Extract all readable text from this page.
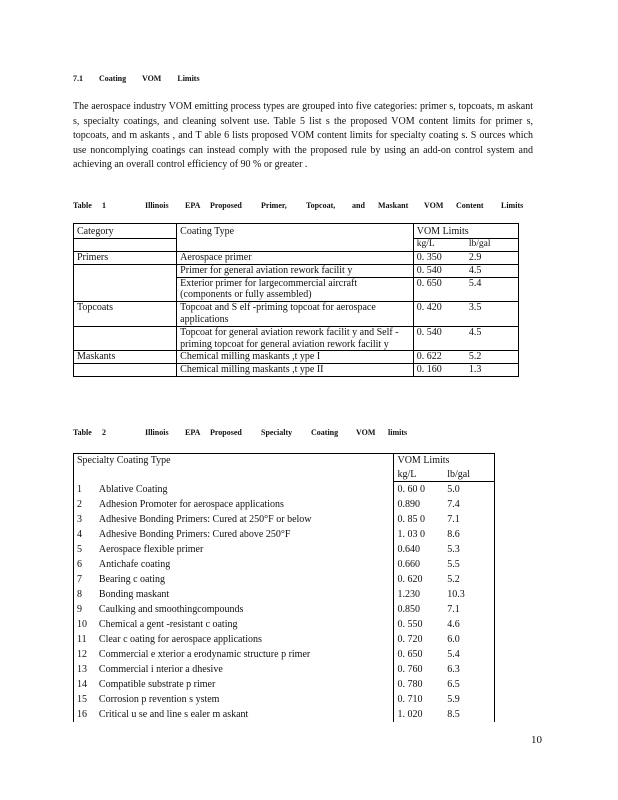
7.1 Coating VOM Limits
The aerospace industry VOM emitting process types are grouped into five categories: primer s, topcoats, m askant s, specialty coatings, and cleaning solvent use. Table 5 list s the proposed VOM content limits for primer s, topcoats, and m askants , and T able 6 lists proposed VOM content limits for specialty coating s. S ources which use noncomplying coatings can instead comply with the proposed rule by using an add-on control system and achieving an overall control efficiency of 90 % or greater .
Table 1	Illinois EPA Proposed Primer, Topcoat, and Maskant VOM Content Limits
Category	Coating Type	VOM Limits	
		kg/L	lb/gal
Primers	Aerospace primer	0. 350	2.9
	Primer for general aviation rework facilit y	0. 540	4.5
	Exterior primer for largecommercial aircraft (components or fully assembled)	0. 650	5.4
Topcoats	Topcoat and S elf -priming topcoat for aerospace applications	0. 420	3.5
	Topcoat for general aviation rework facilit y and Self -priming topcoat for general aviation rework facilit y	0. 540	4.5
Maskants	Chemical milling maskants ,t ype I	0. 622	5.2
	Chemical milling maskants ,t ype II	0. 160	1.3
Table 2	Illinois EPA Proposed Specialty Coating VOM limits
Specialty Coating Type		VOM Limits	
		kg/L	lb/gal
1	Ablative Coating	0. 60 0	5.0
2	Adhesion Promoter for aerospace applications	0.890	7.4
3	Adhesive Bonding Primers: Cured at 250°F or below	0. 85 0	7.1
4	Adhesive Bonding Primers: Cured above 250°F	1. 03 0	8.6
5	Aerospace flexible primer	0.640	5.3
6	Antichafe coating	0.660	5.5
7	Bearing c oating	0. 620	5.2
8	Bonding maskant	1.230	10.3
9	Caulking and smoothingcompounds	0.850	7.1
10	Chemical a gent -resistant c oating	0. 550	4.6
11	Clear c oating for aerospace applications	0. 720	6.0
12	Commercial e xterior a erodynamic structure p rimer	0. 650	5.4
13	Commercial i nterior a dhesive	0. 760	6.3
14	Compatible substrate p rimer	0. 780	6.5
15	Corrosion p revention s ystem	0. 710	5.9
16	Critical u se and line s ealer m askant	1. 020	8.5
10
